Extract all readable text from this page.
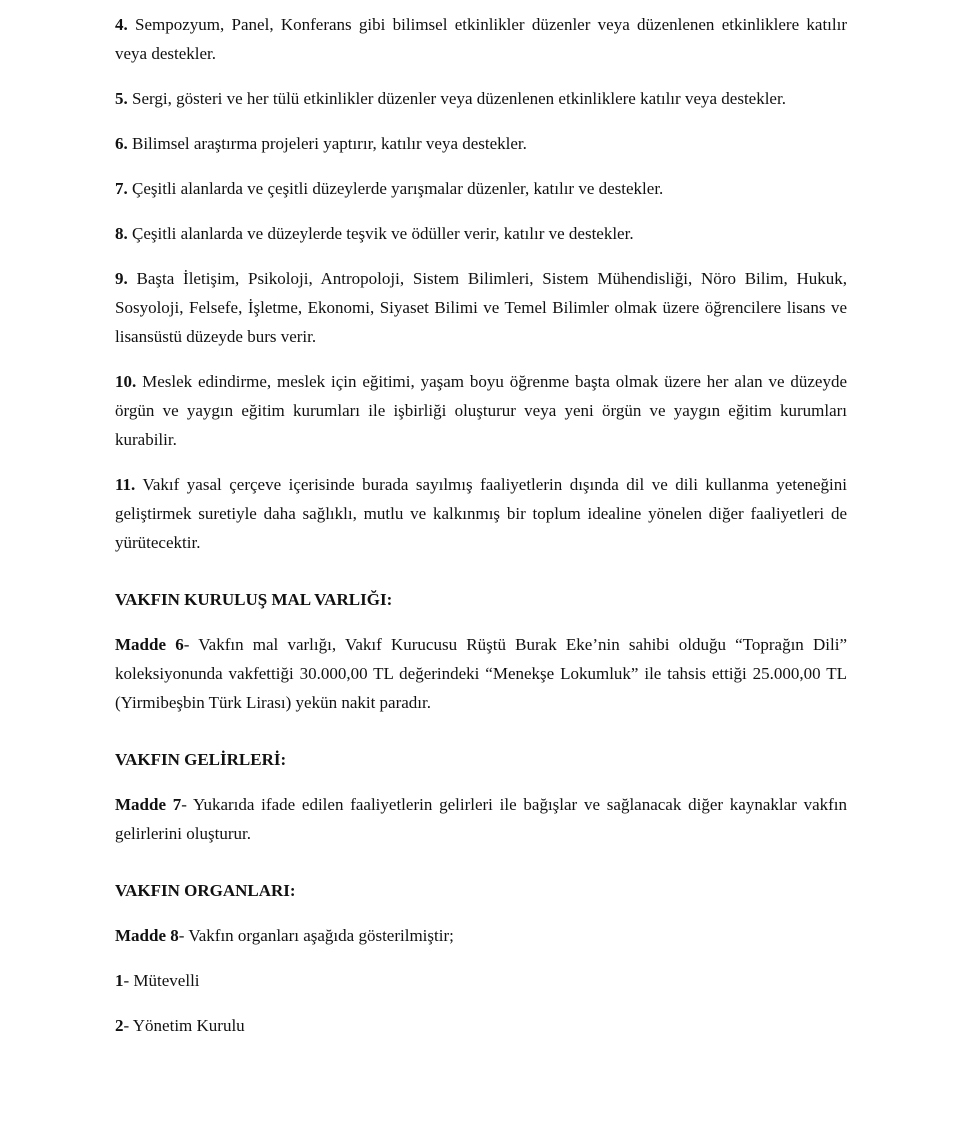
4. Sempozyum, Panel, Konferans gibi bilimsel etkinlikler düzenler veya düzenlenen etkinliklere katılır veya destekler.

5. Sergi, gösteri ve her tülü etkinlikler düzenler veya düzenlenen etkinliklere katılır veya destekler.

6. Bilimsel araştırma projeleri yaptırır, katılır veya destekler.

7. Çeşitli alanlarda ve çeşitli düzeylerde yarışmalar düzenler, katılır ve destekler.

8. Çeşitli alanlarda ve düzeylerde teşvik ve ödüller verir, katılır ve destekler.

9. Başta İletişim, Psikoloji, Antropoloji, Sistem Bilimleri, Sistem Mühendisliği, Nöro Bilim, Hukuk, Sosyoloji, Felsefe, İşletme, Ekonomi, Siyaset Bilimi ve Temel Bilimler olmak üzere öğrencilere lisans ve lisansüstü düzeyde burs verir.

10. Meslek edindirme, meslek için eğitimi, yaşam boyu öğrenme başta olmak üzere her alan ve düzeyde örgün ve yaygın eğitim kurumları ile işbirliği oluşturur veya yeni örgün ve yaygın eğitim kurumları kurabilir.

11. Vakıf yasal çerçeve içerisinde burada sayılmış faaliyetlerin dışında dil ve dili kullanma yeteneğini geliştirmek suretiyle daha sağlıklı, mutlu ve kalkınmış bir toplum idealine yönelen diğer faaliyetleri de yürütecektir.

VAKFIN KURULUŞ MAL VARLIĞI:

Madde 6- Vakfın mal varlığı, Vakıf Kurucusu Rüştü Burak Eke’nin sahibi olduğu “Toprağın Dili” koleksiyonunda vakfettiği 30.000,00 TL değerindeki “Menekşe Lokumluk” ile tahsis ettiği 25.000,00 TL (Yirmibeşbin Türk Lirası) yekün nakit paradır.

VAKFIN GELİRLERİ:

Madde 7- Yukarıda ifade edilen faaliyetlerin gelirleri ile bağışlar ve sağlanacak diğer kaynaklar vakfın gelirlerini oluşturur.

VAKFIN ORGANLARI:

Madde 8- Vakfın organları aşağıda gösterilmiştir;

1- Mütevelli

2- Yönetim Kurulu
